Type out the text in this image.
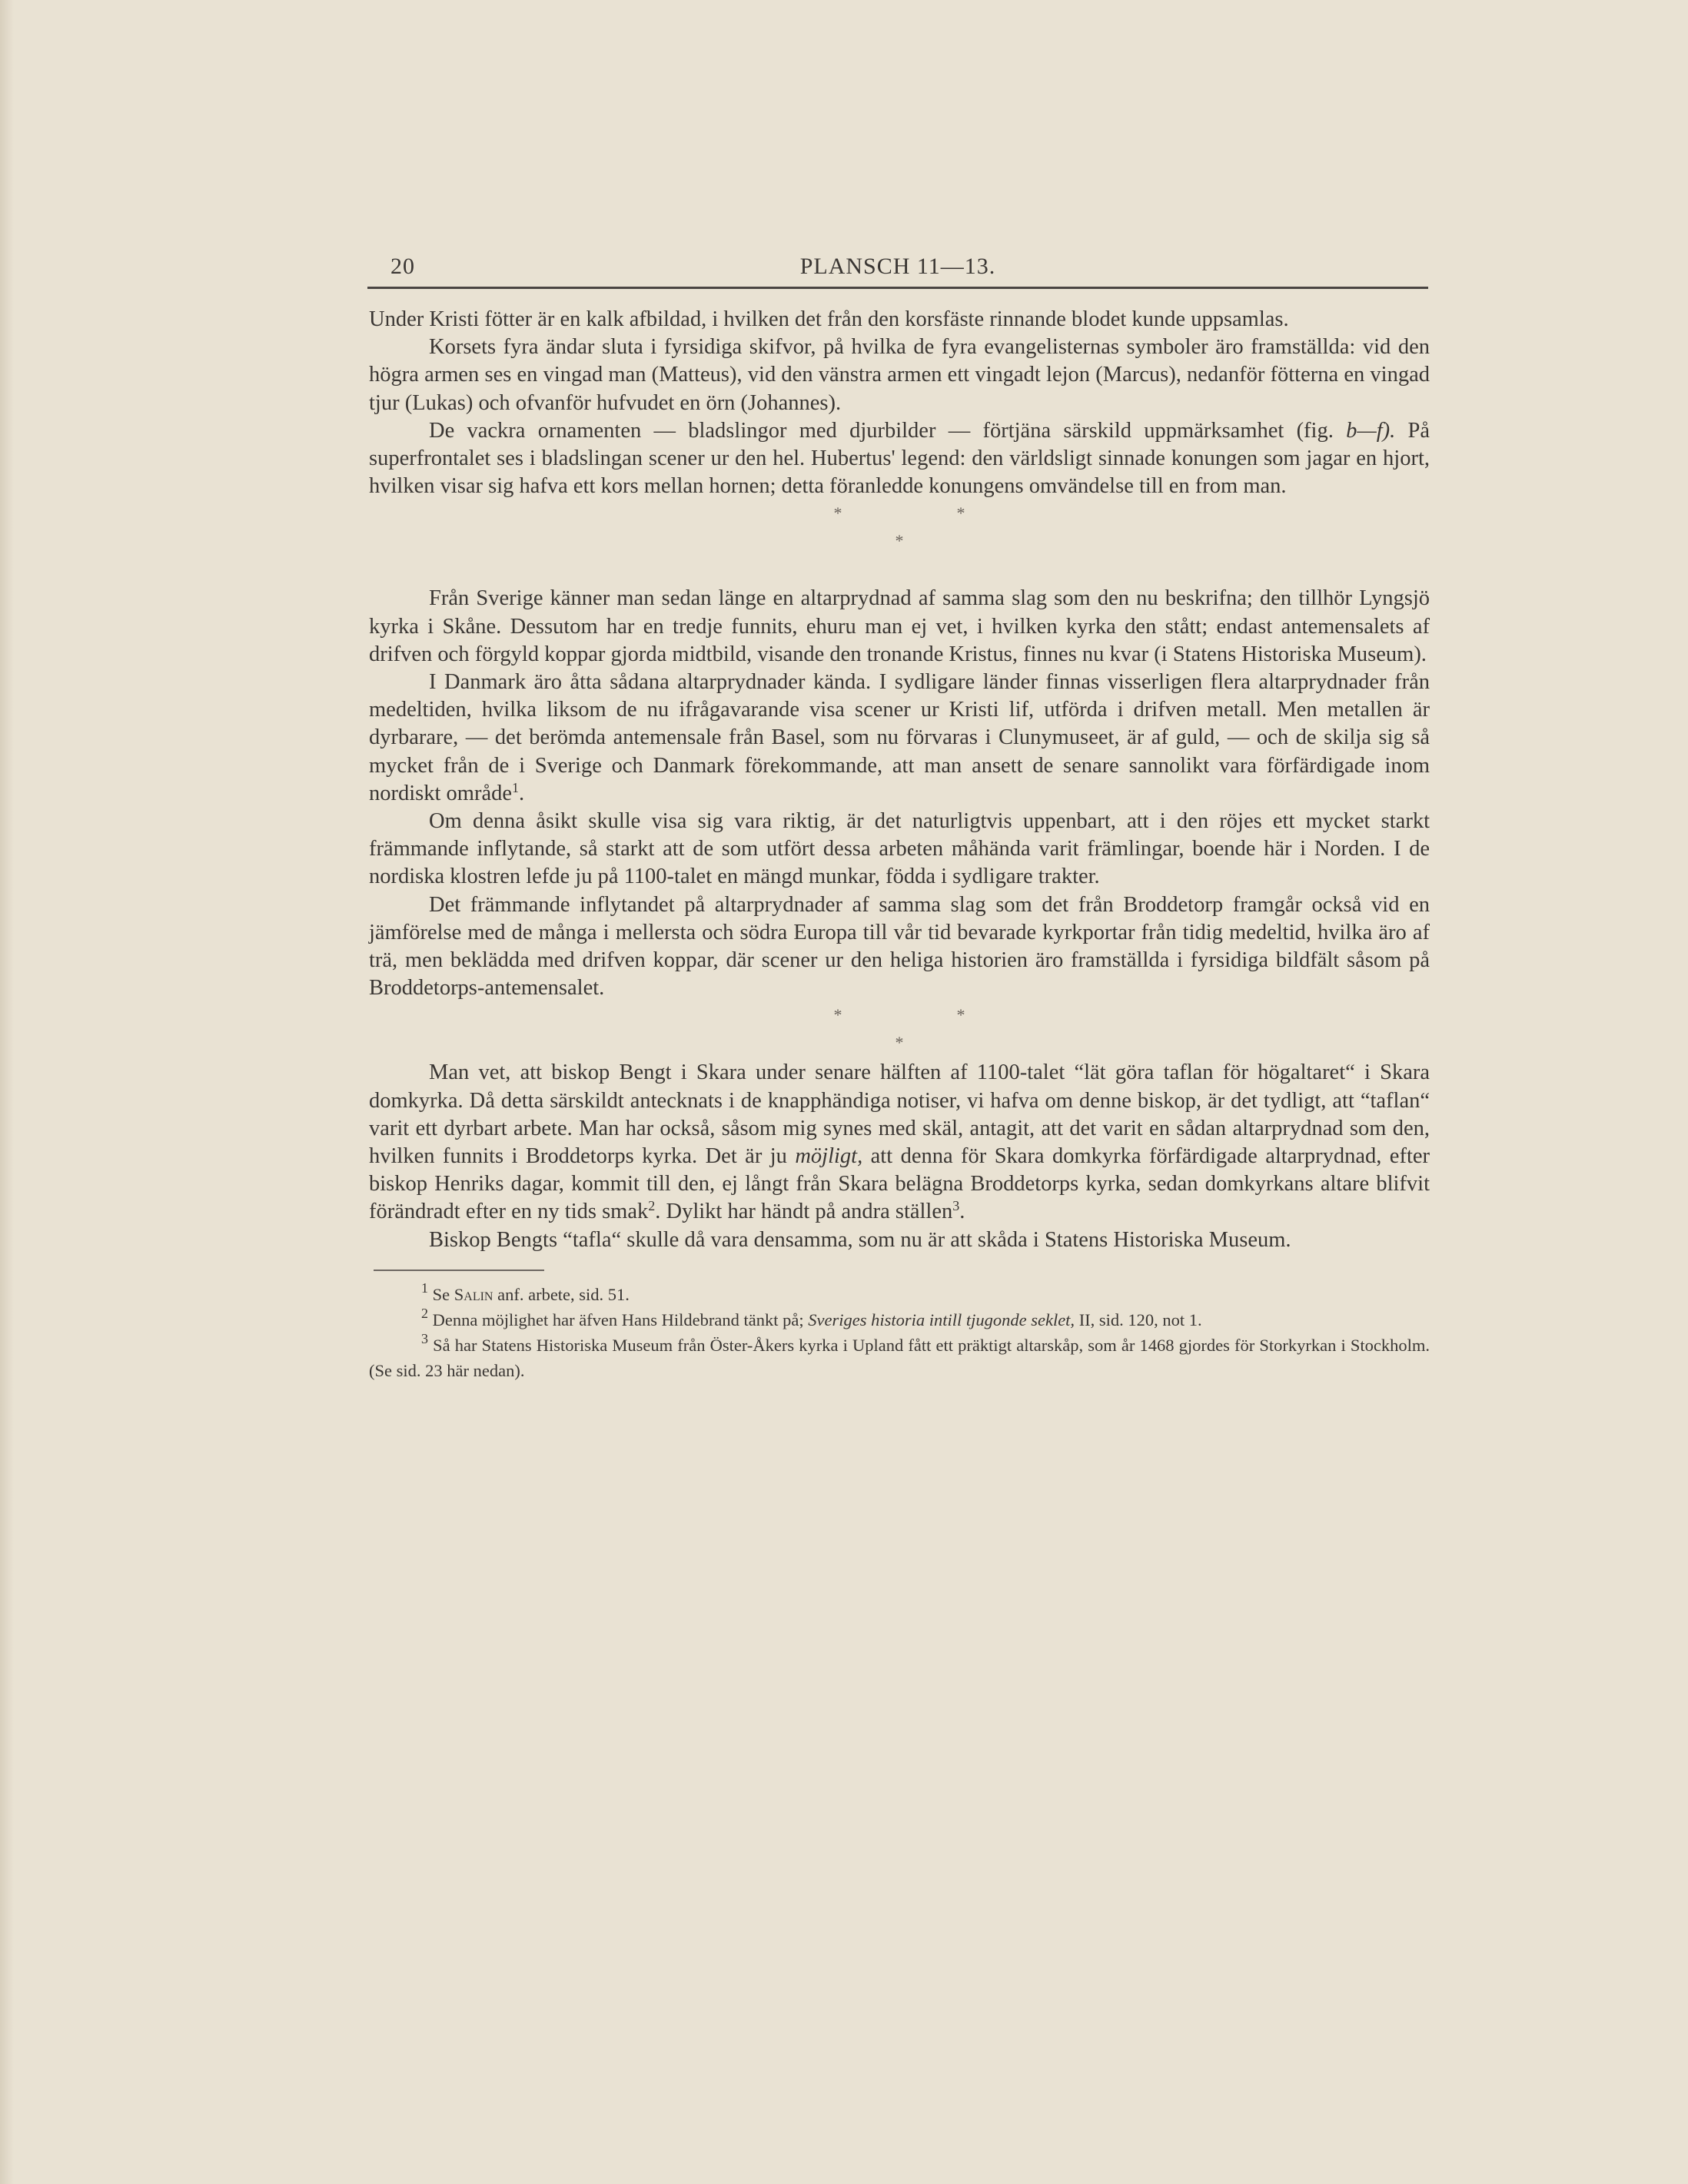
20	PLANSCH 11—13.

Under Kristi fötter är en kalk afbildad, i hvilken det från den korsfäste rinnande blodet kunde uppsamlas.

Korsets fyra ändar sluta i fyrsidiga skifvor, på hvilka de fyra evangelisternas symboler äro framställda: vid den högra armen ses en vingad man (Matteus), vid den vänstra armen ett vingadt lejon (Marcus), nedanför fötterna en vingad tjur (Lukas) och ofvanför hufvudet en örn (Johannes).

De vackra ornamenten — bladslingor med djurbilder — förtjäna särskild uppmärksamhet (fig. b—f). På superfrontalet ses i bladslingan scener ur den hel. Hubertus' legend: den världsligt sinnade konungen som jagar en hjort, hvilken visar sig hafva ett kors mellan hornen; detta föranledde konungens omvändelse till en from man.

*	*
*

Från Sverige känner man sedan länge en altarprydnad af samma slag som den nu beskrifna; den tillhör Lyngsjö kyrka i Skåne. Dessutom har en tredje funnits, ehuru man ej vet, i hvilken kyrka den stått; endast antemensalets af drifven och förgyld koppar gjorda midtbild, visande den tronande Kristus, finnes nu kvar (i Statens Historiska Museum).

I Danmark äro åtta sådana altarprydnader kända. I sydligare länder finnas visserligen flera altarprydnader från medeltiden, hvilka liksom de nu ifrågavarande visa scener ur Kristi lif, utförda i drifven metall. Men metallen är dyrbarare, — det berömda antemensale från Basel, som nu förvaras i Clunymuseet, är af guld, — och de skilja sig så mycket från de i Sverige och Danmark förekommande, att man ansett de senare sannolikt vara förfärdigade inom nordiskt område$^1$.

Om denna åsikt skulle visa sig vara riktig, är det naturligtvis uppenbart, att i den röjes ett mycket starkt främmande inflytande, så starkt att de som utfört dessa arbeten måhända varit främlingar, boende här i Norden. I de nordiska klostren lefde ju på 1100-talet en mängd munkar, födda i sydligare trakter.

Det främmande inflytandet på altarprydnader af samma slag som det från Broddetorp framgår också vid en jämförelse med de många i mellersta och södra Europa till vår tid bevarade kyrkportar från tidig medeltid, hvilka äro af trä, men beklädda med drifven koppar, där scener ur den heliga historien äro framställda i fyrsidiga bildfält såsom på Broddetorps-antemensalet.

*	*
*

Man vet, att biskop Bengt i Skara under senare hälften af 1100-talet “lät göra taflan för högaltaret“ i Skara domkyrka. Då detta särskildt antecknats i de knapphändiga notiser, vi hafva om denne biskop, är det tydligt, att “taflan“ varit ett dyrbart arbete. Man har också, såsom mig synes med skäl, antagit, att det varit en sådan altarprydnad som den, hvilken funnits i Broddetorps kyrka. Det är ju möjligt, att denna för Skara domkyrka förfärdigade altarprydnad, efter biskop Henriks dagar, kommit till den, ej långt från Skara belägna Broddetorps kyrka, sedan domkyrkans altare blifvit förändradt efter en ny tids smak$^2$. Dylikt har händt på andra ställen$^3$.

Biskop Bengts “tafla“ skulle då vara densamma, som nu är att skåda i Statens Historiska Museum.

$^1$ Se Salin anf. arbete, sid. 51.

$^2$ Denna möjlighet har äfven Hans Hildebrand tänkt på; Sveriges historia intill tjugonde seklet, II, sid. 120, not 1.

$^3$ Så har Statens Historiska Museum från Öster-Åkers kyrka i Upland fått ett präktigt altarskåp, som år 1468 gjordes för Storkyrkan i Stockholm. (Se sid. 23 här nedan).
